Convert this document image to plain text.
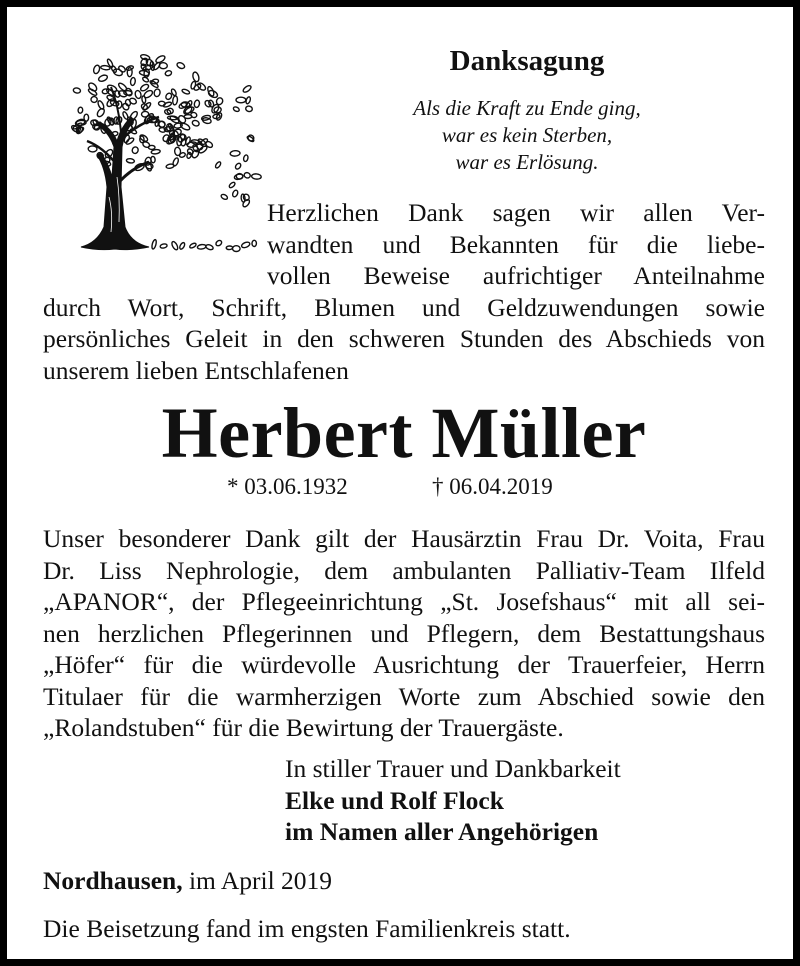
Danksagung
Als die Kraft zu Ende ging,
war es kein Sterben,
war es Erlösung.
Herzlichen Dank sagen wir allen Ver-
wandten und Bekannten für die liebe-
vollen Beweise aufrichtiger Anteilnahme
durch Wort, Schrift, Blumen und Geldzuwendungen sowie
persönliches Geleit in den schweren Stunden des Abschieds von
unserem lieben Entschlafenen
Herbert Müller
* 03.06.1932	† 06.04.2019
Unser besonderer Dank gilt der Hausärztin Frau Dr. Voita, Frau
Dr. Liss Nephrologie, dem ambulanten Palliativ-Team Ilfeld
„APANOR“, der Pflegeeinrichtung „St. Josefshaus“ mit all sei-
nen herzlichen Pflegerinnen und Pflegern, dem Bestattungshaus
„Höfer“ für die würdevolle Ausrichtung der Trauerfeier, Herrn
Titulaer für die warmherzigen Worte zum Abschied sowie den
„Rolandstuben“ für die Bewirtung der Trauergäste.
In stiller Trauer und Dankbarkeit
Elke und Rolf Flock
im Namen aller Angehörigen

Nordhausen, im April 2019

Die Beisetzung fand im engsten Familienkreis statt.
